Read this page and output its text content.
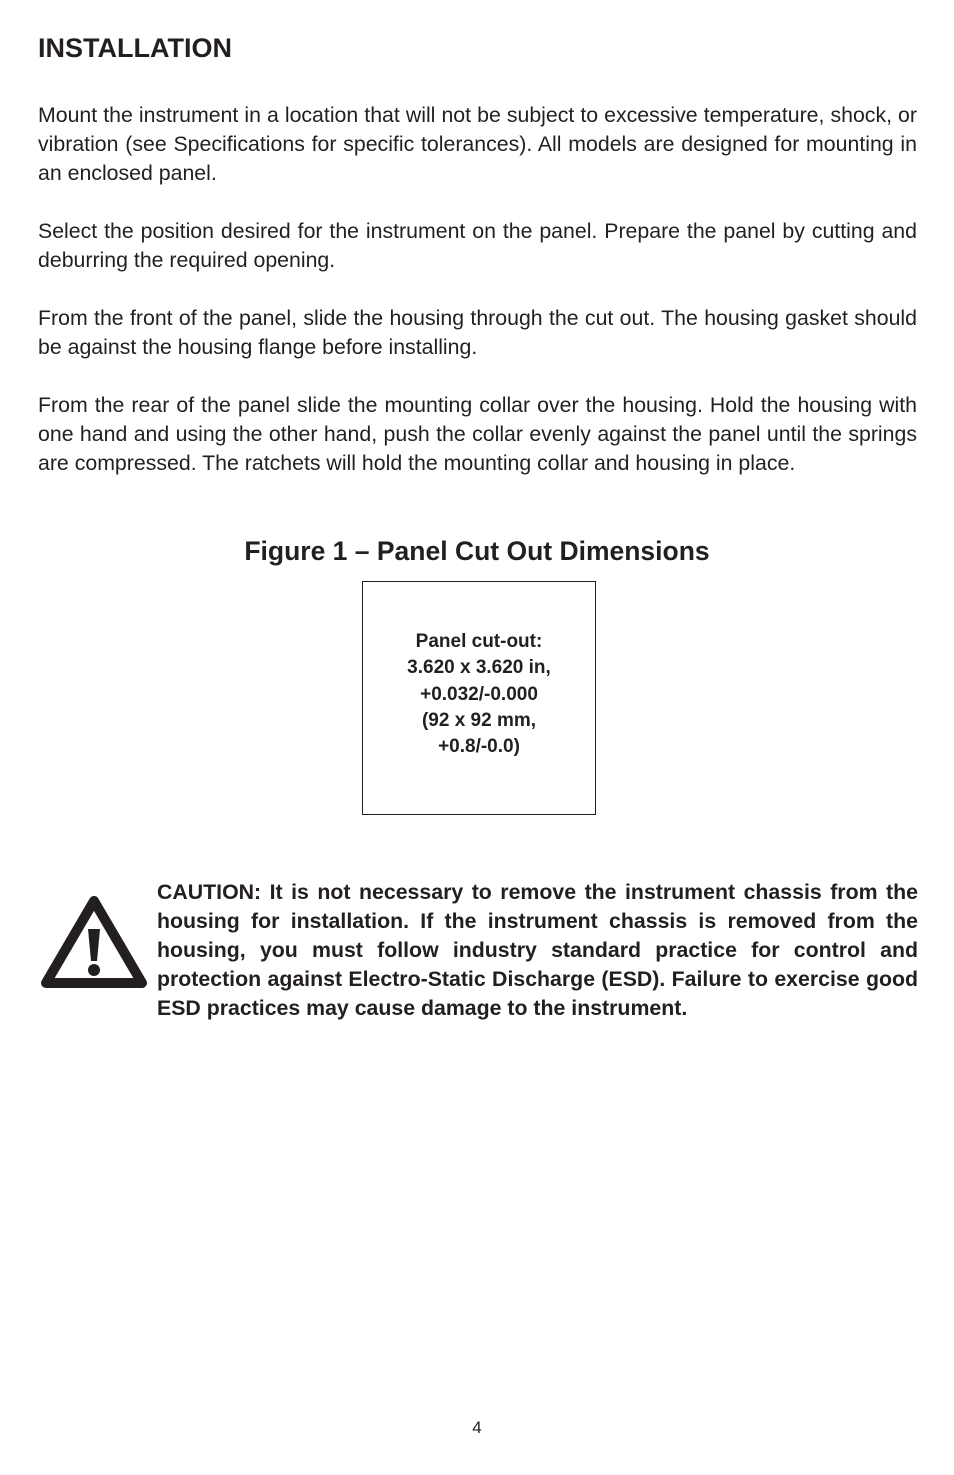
INSTALLATION

Mount the instrument in a location that will not be subject to excessive temperature, shock, or vibration (see Specifications for specific tolerances). All models are designed for mounting in an enclosed panel.

Select the position desired for the instrument on the panel. Prepare the panel by cutting and deburring the required opening.

From the front of the panel, slide the housing through the cut out. The housing gasket should be against the housing flange before installing.

From the rear of the panel slide the mounting collar over the housing. Hold the housing with one hand and using the other hand, push the collar evenly against the panel until the springs are compressed. The ratchets will hold the mounting collar and housing in place.

Figure 1 – Panel Cut Out Dimensions
Panel cut-out:
3.620 x 3.620 in,
+0.032/-0.000
(92 x 92 mm,
+0.8/-0.0)

CAUTION: It is not necessary to remove the instrument chassis from the housing for installation. If the instrument chassis is removed from the housing, you must follow industry standard practice for control and protection against Electro-Static Discharge (ESD). Failure to exercise good ESD practices may cause damage to the instrument.

4
